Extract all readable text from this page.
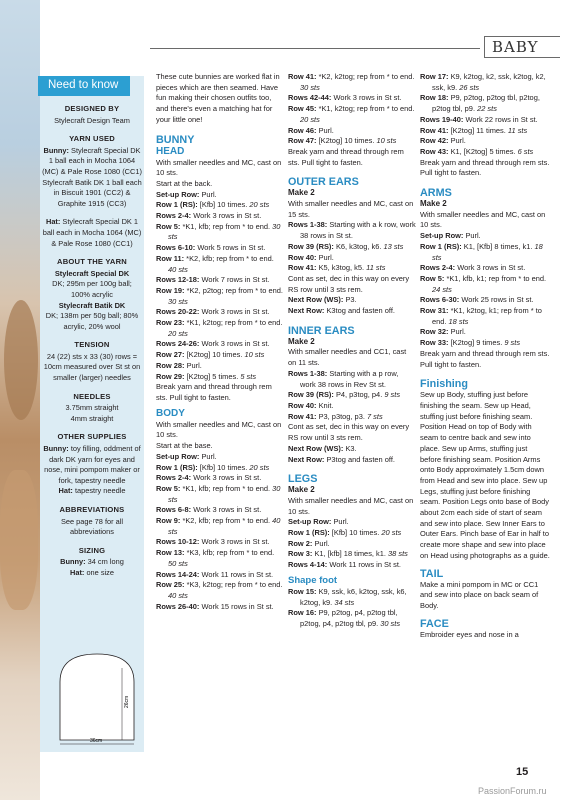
BABY
Need to know
DESIGNED BY

Stylecraft Design Team

YARN USED

Bunny: Stylecraft Special DK 1 ball each in Mocha 1064 (MC) & Pale Rose 1080 (CC1) Stylecraft Batik DK 1 ball each in Biscuit 1901 (CC2) & Graphite 1915 (CC3)

Hat: Stylecraft Special DK 1 ball each in Mocha 1064 (MC) & Pale Rose 1080 (CC1)

ABOUT THE YARN

Stylecraft Special DK

DK; 295m per 100g ball; 100% acrylic

Stylecraft Batik DK

DK; 138m per 50g ball; 80% acrylic, 20% wool

TENSION

24 (22) sts x 33 (30) rows = 10cm measured over St st on smaller (larger) needles

NEEDLES

3.75mm straight

4mm straight

OTHER SUPPLIES

Bunny: toy filling, oddment of dark DK yarn for eyes and nose, mini pompom maker or fork, tapestry needle

Hat: tapestry needle

ABBREVIATIONS

See page 78 for all abbreviations

SIZING

Bunny: 34 cm long

Hat: one size

26cm
36cm

These cute bunnies are worked flat in pieces which are then seamed. Have fun making their chosen outfits too, and there's even a matching hat for your little one!

BUNNY

HEAD

With smaller needles and MC, cast on 10 sts.

Start at the back.

Set-up Row: Purl.

Row 1 (RS): [Kfb] 10 times. 20 sts

Rows 2-4: Work 3 rows in St st.

Row 5: *K1, kfb; rep from * to end. 30 sts

Rows 6-10: Work 5 rows in St st.

Row 11: *K2, kfb; rep from * to end. 40 sts

Rows 12-18: Work 7 rows in St st.

Row 19: *K2, p2tog; rep from * to end. 30 sts

Rows 20-22: Work 3 rows in St st.

Row 23: *K1, k2tog; rep from * to end. 20 sts

Rows 24-26: Work 3 rows in St st.

Row 27: [K2tog] 10 times. 10 sts

Row 28: Purl.

Row 29: [K2tog] 5 times. 5 sts

Break yarn and thread through rem sts. Pull tight to fasten.

BODY

With smaller needles and MC, cast on 10 sts.

Start at the base.

Set-up Row: Purl.

Row 1 (RS): [Kfb] 10 times. 20 sts

Rows 2-4: Work 3 rows in St st.

Row 5: *K1, kfb; rep from * to end. 30 sts

Rows 6-8: Work 3 rows in St st.

Row 9: *K2, kfb; rep from * to end. 40 sts

Rows 10-12: Work 3 rows in St st.

Row 13: *K3, kfb; rep from * to end. 50 sts

Rows 14-24: Work 11 rows in St st.

Row 25: *K3, k2tog; rep from * to end. 40 sts

Rows 26-40: Work 15 rows in St st.

Row 41: *K2, k2tog; rep from * to end. 30 sts

Rows 42-44: Work 3 rows in St st.

Row 45: *K1, k2tog; rep from * to end. 20 sts

Row 46: Purl.

Row 47: [K2tog] 10 times. 10 sts

Break yarn and thread through rem sts. Pull tight to fasten.

OUTER EARS

Make 2

With smaller needles and MC, cast on 15 sts.

Rows 1-38: Starting with a k row, work 38 rows in St st.

Row 39 (RS): K6, k3tog, k6. 13 sts

Row 40: Purl.

Row 41: K5, k3tog, k5. 11 sts

Cont as set, dec in this way on every RS row until 3 sts rem.

Next Row (WS): P3.

Next Row: K3tog and fasten off.

INNER EARS

Make 2

With smaller needles and CC1, cast on 11 sts.

Rows 1-38: Starting with a p row, work 38 rows in Rev St st.

Row 39 (RS): P4, p3tog, p4. 9 sts

Row 40: Knit.

Row 41: P3, p3tog, p3. 7 sts

Cont as set, dec in this way on every RS row until 3 sts rem.

Next Row (WS): K3.

Next Row: P3tog and fasten off.

LEGS

Make 2

With smaller needles and MC, cast on 10 sts.

Set-up Row: Purl.

Row 1 (RS): [Kfb] 10 times. 20 sts

Row 2: Purl.

Row 3: K1, [kfb] 18 times, k1. 38 sts

Rows 4-14: Work 11 rows in St st.

Shape foot

Row 15: K9, ssk, k6, k2tog, ssk, k6, k2tog, k9. 34 sts

Row 16: P9, p2tog, p4, p2tog tbl, p2tog, p4, p2tog tbl, p9. 30 sts

Row 17: K9, k2tog, k2, ssk, k2tog, k2, ssk, k9. 26 sts

Row 18: P9, p2tog, p2tog tbl, p2tog, p2tog tbl, p9. 22 sts

Rows 19-40: Work 22 rows in St st.

Row 41: [K2tog] 11 times. 11 sts

Row 42: Purl.

Row 43: K1, [K2tog] 5 times. 6 sts

Break yarn and thread through rem sts. Pull tight to fasten.

ARMS

Make 2

With smaller needles and MC, cast on 10 sts.

Set-up Row: Purl.

Row 1 (RS): K1, [Kfb] 8 times, k1. 18 sts

Rows 2-4: Work 3 rows in St st.

Row 5: *K1, kfb, k1; rep from * to end. 24 sts

Rows 6-30: Work 25 rows in St st.

Row 31: *K1, k2tog, k1; rep from * to end. 18 sts

Row 32: Purl.

Row 33: [K2tog] 9 times. 9 sts

Break yarn and thread through rem sts. Pull tight to fasten.

Finishing

Sew up Body, stuffing just before finishing the seam. Sew up Head, stuffing just before finishing seam. Position Head on top of Body with seam to centre back and sew into place. Sew up Arms, stuffing just before finishing seam. Position Arms onto Body approximately 1.5cm down from Head and sew into place. Sew up Legs, stuffing just before finishing seam. Position Legs onto base of Body about 2cm each side of start of seam and sew into place. Sew Inner Ears to Outer Ears. Pinch base of Ear in half to create more shape and sew into place on Head using photographs as a guide.

TAIL

Make a mini pompom in MC or CC1 and sew into place on back seam of Body.

FACE

Embroider eyes and nose in a

15
PassionForum.ru
